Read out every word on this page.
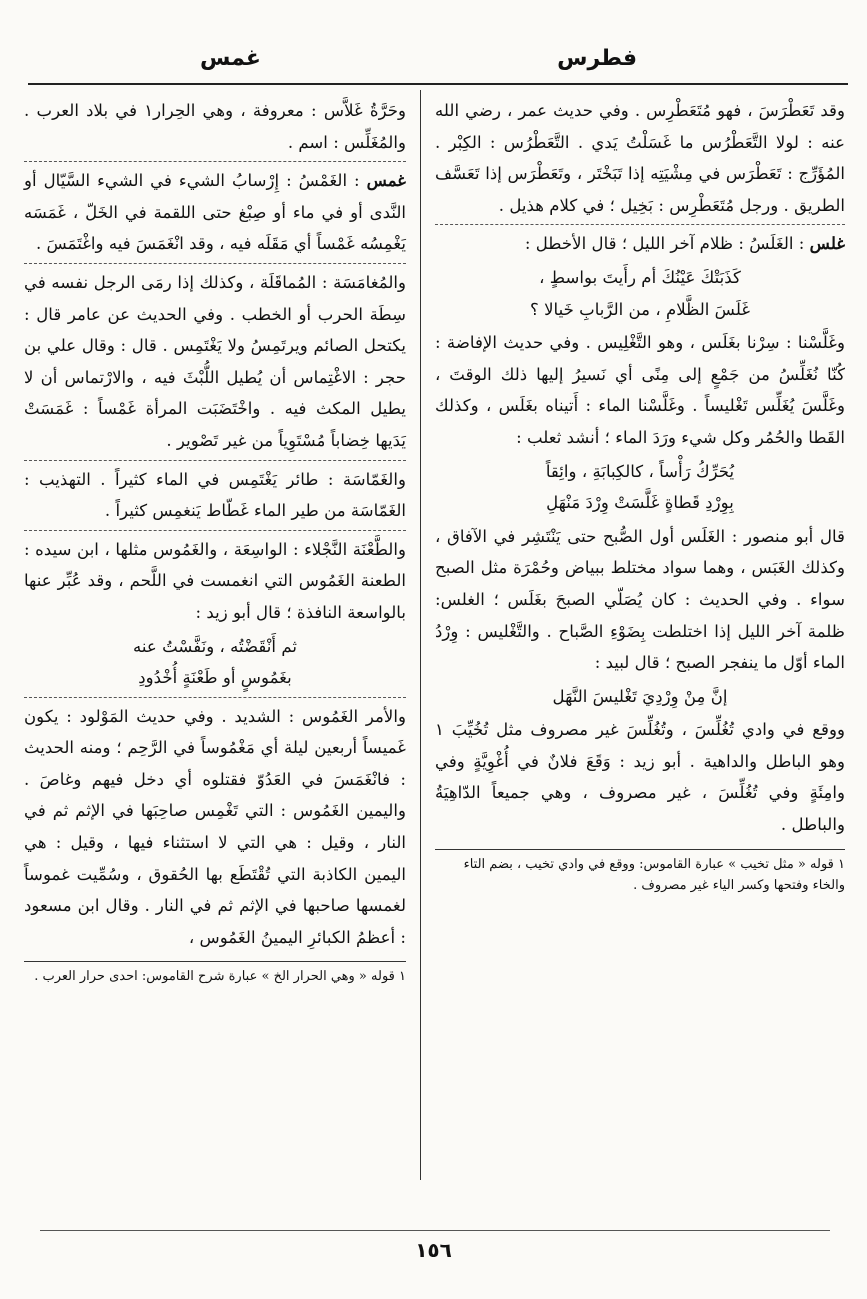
فطرس
غمس

وقد تَعَطْرَسَ ، فهو مُتَعَطْرِس . وفي حديث عمر ، رضي الله عنه : لولا التَّعَطْرُس ما غَسَلْتُ يَدي . التَّعَطْرُس : الكِبْر . المُؤَرِّج : تَعَطْرَس في مِشْيَتِه إذا تَبَخْتَر ، وتَعَطْرَس إذا تَعَسَّف الطريق . ورجل مُتَعَطْرِس : بَخِيل ؛ في كلام هذيل .

غلس : الغَلَسُ : ظلام آخر الليل ؛ قال الأخطل :

كَذَبَتْكَ عَيْنُكَ أم رأَيتَ بواسطٍ ،
غَلَسَ الظَّلامِ ، من الرَّبابِ خَيالا ؟

وغَلَّسْنا : سِرْنا بغَلَس ، وهو التَّغْلِيس . وفي حديث الإفاضة : كُنّا نُغَلِّسُ من جَمْعٍ إلى مِنًى أي نَسيرُ إليها ذلك الوقتَ ، وغَلَّسَ يُغَلِّس تَغْليساً . وغَلَّسْنا الماء : أَتيناه بغَلَس ، وكذلك القَطا والحُمُر وكل شيء ورَدَ الماء ؛ أنشد ثعلب :

يُحَرِّكُ رَأْساً ، كالكِبابَةِ ، وائِقاً
بِوِرْدِ قَطاةٍ غَلَّسَتْ وِرْدَ مَنْهَلِ

قال أبو منصور : الغَلَس أول الصُّبح حتى يَنْتَشِر في الآفاق ، وكذلك الغَبَس ، وهما سواد مختلط ببياض وحُمْرَة مثل الصبح سواء . وفي الحديث : كان يُصَلّي الصبحَ بغَلَس ؛ الغلس: ظلمة آخر الليل إذا اختلطت بِضَوْءِ الصَّباح . والتَّغْليس : وِرْدُ الماء أوّل ما ينفجر الصبح ؛ قال لبيد :

إنَّ مِنْ وِرْدِيَ تَغْليسَ النَّهَل

ووقع في وادي تُغُلِّسَ ، وتُغُلِّسَ غير مصروف مثل تُخُيِّبَ ١ وهو الباطل والداهية . أبو زيد : وَقَعَ فلانٌ في أُغْوِيَّةٍ وفي وامِئَةٍ وفي تُغُلِّسَ ، غير مصروف ، وهي جميعاً الدّاهِيَةُ والباطل .

١ قوله « مثل تخيب » عبارة القاموس: ووقع في وادي تخيب ، بضم التاء والخاء وفتحها وكسر الياء غير مصروف .

وحَرَّةُ غَلاَّس : معروفة ، وهي الحِرار١ في بلاد العرب . والمُغَلِّس : اسم .

غمس : الغَمْسُ : إِرْسابُ الشيء في الشيء السَّيّال أو النَّدى أو في ماء أو صِبْغ حتى اللقمة في الخَلّ ، غَمَسَه يَغْمِسُه غَمْساً أي مَقَلَه فيه ، وقد انْغَمَسَ فيه واغْتَمَسَ .

والمُغامَسَة : المُماقَلَة ، وكذلك إذا رمَى الرجل نفسه في سِطَة الحرب أو الخطب . وفي الحديث عن عامر قال : يكتحل الصائم ويرتَمِسُ ولا يَغْتَمِس . قال : وقال علي بن حجر : الاغْتِماس أن يُطيل اللُّبْثَ فيه ، والارْتماس أن لا يطيل المكث فيه . واخْتَضَبَت المرأة غَمْساً : غَمَسَتْ يَدَيها خِضاباً مُسْتَوِياً من غير تَصْوير .

والغَمّاسَة : طائر يَغْتَمِس في الماء كثيراً . التهذيب : الغَمّاسَة من طير الماء غَطّاط يَنغمِس كثيراً .

والطَّعْنَة النَّجْلاء : الواسِعَة ، والغَمُوس مثلها ، ابن سيده : الطعنة الغَمُوس التي انغمست في اللَّحم ، وقد عُبِّر عنها بالواسعة النافذة ؛ قال أبو زيد :

ثم أَنْقَضْتُه ، ونَفَّسْتُ عنه
بغَمُوسٍ أو طَعْنَةٍ أُخْدُودِ

والأمر الغَمُوس : الشديد . وفي حديث المَوْلود : يكون غَميساً أربعين ليلة أي مَغْمُوساً في الرَّحِم ؛ ومنه الحديث : فانْغَمَسَ في العَدُوّ فقتلوه أي دخل فيهم وغاصَ . واليمين الغَمُوس : التي تَغْمِس صاحِبَها في الإثم ثم في النار ، وقيل : هي التي لا استثناء فيها ، وقيل : هي اليمين الكاذبة التي تُقْتَطَع بها الحُقوق ، وسُمِّيت غموساً لغمسها صاحبها في الإثم ثم في النار . وقال ابن مسعود : أعظمُ الكبائرِ اليمينُ الغَمُوس ،

١ قوله « وهي الحرار الخ » عبارة شرح القاموس: احدى حرار العرب .
١٥٦
